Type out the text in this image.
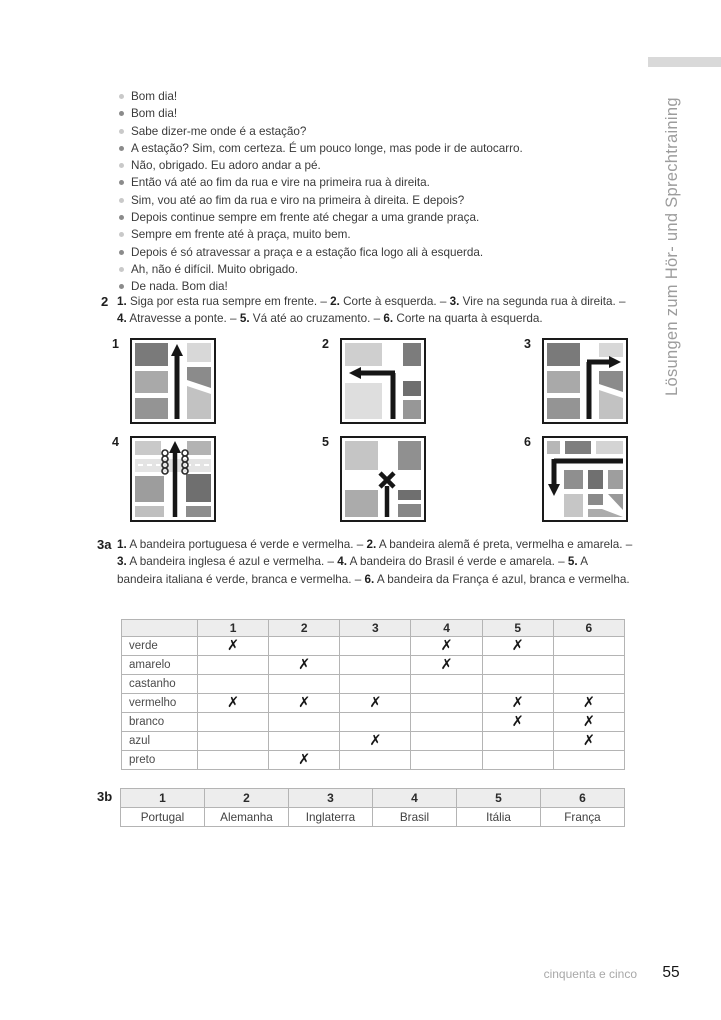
Lösungen zum Hör- und Sprechtraining
Bom dia!
Bom dia!
Sabe dizer-me onde é a estação?
A estação? Sim, com certeza. É um pouco longe, mas pode ir de autocarro.
Não, obrigado. Eu adoro andar a pé.
Então vá até ao fim da rua e vire na primeira rua à direita.
Sim, vou até ao fim da rua e viro na primeira à direita. E depois?
Depois continue sempre em frente até chegar a uma grande praça.
Sempre em frente até à praça, muito bem.
Depois é só atravessar a praça e a estação fica logo ali à esquerda.
Ah, não é difícil. Muito obrigado.
De nada. Bom dia!
2 1. Siga por esta rua sempre em frente. – 2. Corte à esquerda. – 3. Vire na segunda rua à direita. – 4. Atravesse a ponte. – 5. Vá até ao cruzamento. – 6. Corte na quarta à esquerda.
1	2	3
4	5	6
3a 1. A bandeira portuguesa é verde e vermelha. – 2. A bandeira alemã é preta, vermelha e amarela. – 3. A bandeira inglesa é azul e vermelha. – 4. A bandeira do Brasil é verde e amarela. – 5. A bandeira italiana é verde, branca e vermelha. – 6. A bandeira da França é azul, branca e vermelha.
	1	2	3	4	5	6
verde	✗			✗	✗	
amarelo		✗		✗		
castanho						
vermelho	✗	✗	✗		✗	✗
branco					✗	✗
azul			✗			✗
preto		✗				
3b	1	2	3	4	5	6
Portugal	Alemanha	Inglaterra	Brasil	Itália	França
cinquenta e cinco	55
